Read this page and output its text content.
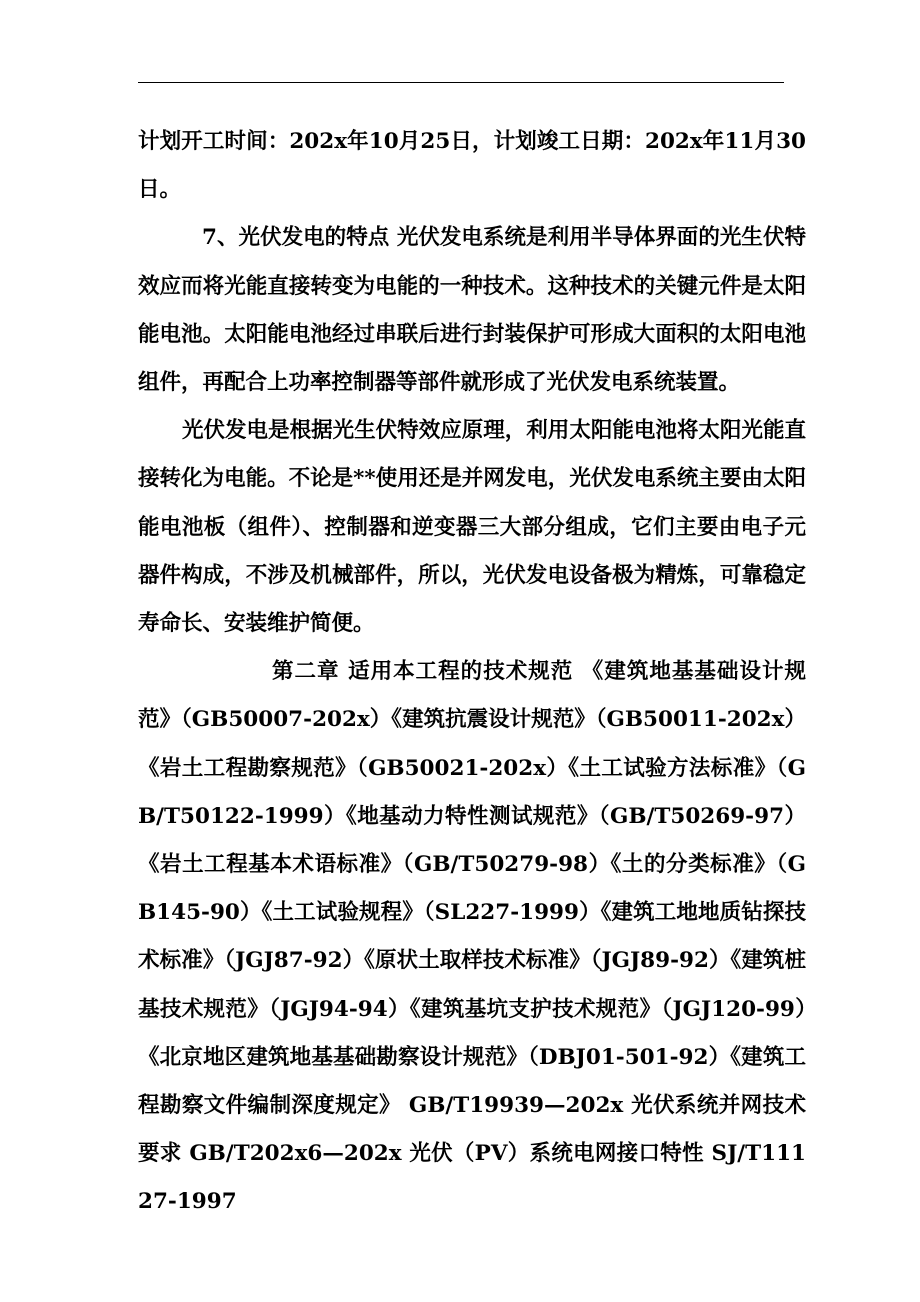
计划开工时间：202x年10月25日，计划竣工日期：202x年11月30日。

7、光伏发电的特点 光伏发电系统是利用半导体界面的光生伏特效应而将光能直接转变为电能的一种技术。这种技术的关键元件是太阳能电池。太阳能电池经过串联后进行封装保护可形成大面积的太阳电池组件，再配合上功率控制器等部件就形成了光伏发电系统装置。

光伏发电是根据光生伏特效应原理，利用太阳能电池将太阳光能直接转化为电能。不论是**使用还是并网发电，光伏发电系统主要由太阳能电池板（组件）、控制器和逆变器三大部分组成，它们主要由电子元器件构成，不涉及机械部件，所以，光伏发电设备极为精炼，可靠稳定寿命长、安装维护简便。

第二章 适用本工程的技术规范 《建筑地基基础设计规范》（GB50007-202x）《建筑抗震设计规范》（GB50011-202x）《岩土工程勘察规范》（GB50021-202x）《土工试验方法标准》（GB/T50122-1999）《地基动力特性测试规范》（GB/T50269-97）《岩土工程基本术语标准》（GB/T50279-98）《土的分类标准》（GB145-90）《土工试验规程》（SL227-1999）《建筑工地地质钻探技术标准》（JGJ87-92）《原状土取样技术标准》（JGJ89-92）《建筑桩基技术规范》（JGJ94-94）《建筑基坑支护技术规范》（JGJ120-99）《北京地区建筑地基基础勘察设计规范》（DBJ01-501-92）《建筑工程勘察文件编制深度规定》 GB/T19939—202x 光伏系统并网技术要求 GB/T202x6—202x 光伏（PV）系统电网接口特性 SJ/T11127-1997
